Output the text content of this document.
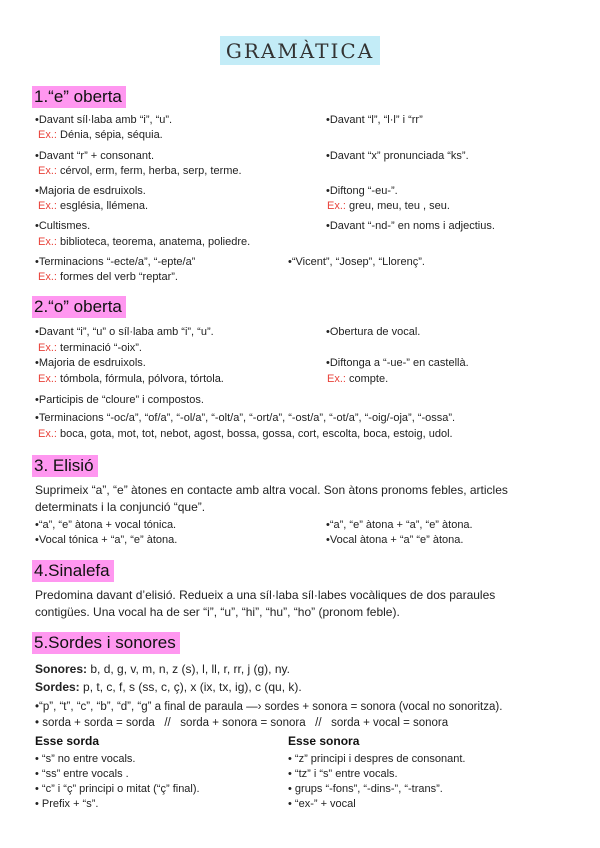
GRAMÀTICA
1.“e” oberta
•Davant síl·laba amb “i”, “u”.
Ex.: Dénia, sépia, séquia.
•Davant “l”, “l·l” i “rr”
•Davant “r” + consonant.
Ex.: cérvol, erm, ferm, herba, serp, terme.
•Davant “x” pronunciada “ks”.
•Majoria de esdruixols.
Ex.: església, llémena.
•Diftong “-eu-”.
Ex.: greu, meu, teu , seu.
•Cultismes.
Ex.: biblioteca, teorema, anatema, poliedre.
•Davant “-nd-” en noms i adjectius.
•Terminacions “-ecte/a”, “-epte/a”
Ex.: formes del verb “reptar”.
•“Vicent”, “Josep”, “Llorenç”.
2.“o” oberta
•Davant “i”, “u” o síl·laba amb “i”, “u”.
Ex.: terminació “-oix”.
•Obertura de vocal.
•Majoria de esdruixols.
Ex.: tómbola, fórmula, pólvora, tórtola.
•Diftonga a “-ue-” en castellà.
Ex.: compte.
•Participis de “cloure” i compostos.
•Terminacions “-oc/a”, “of/a”, “-ol/a”, “-olt/a”, “-ort/a”, “-ost/a”, “-ot/a”, “-oig/-oja”, “-ossa”.
Ex.: boca, gota, mot, tot, nebot, agost, bossa, gossa, cort, escolta, boca, estoig, udol.
3. Elisió
Suprimeix “a”, “e” àtones en contacte amb altra vocal. Son àtons pronoms febles, articles
determinats i la conjunció “que”.
•“a”, “e” àtona + vocal tónica.
•Vocal tónica + “a”, “e” àtona.
•“a”, “e” àtona + “a”, “e” àtona.
•Vocal àtona + “a” “e” àtona.
4.Sinalefa
Predomina davant d’elisió. Redueix a una síl·laba síl·labes vocàliques de dos paraules
contigües. Una vocal ha de ser “i”, “u”, “hi”, “hu”, “ho” (pronom feble).
5.Sordes i sonores
Sonores: b, d, g, v, m, n, z (s), l, ll, r, rr, j (g), ny.
Sordes: p, t, c, f, s (ss, c, ç), x (ix, tx, ig), c (qu, k).
•“p”, “t”, “c”, “b”, “d”, “g” a final de paraula —› sordes + sonora = sonora (vocal no sonoritza).
• sorda + sorda = sorda   //   sorda + sonora = sonora   //   sorda + vocal = sonora
Esse sorda
• “s” no entre vocals.
• “ss” entre vocals .
• “c” i “ç” principi o mitat (“ç” final).
• Prefix + “s”.
Esse sonora
• “z” principi i despres de consonant.
• “tz” i “s” entre vocals.
• grups “-fons”, “-dins-”, “-trans”.
• “ex-” + vocal
